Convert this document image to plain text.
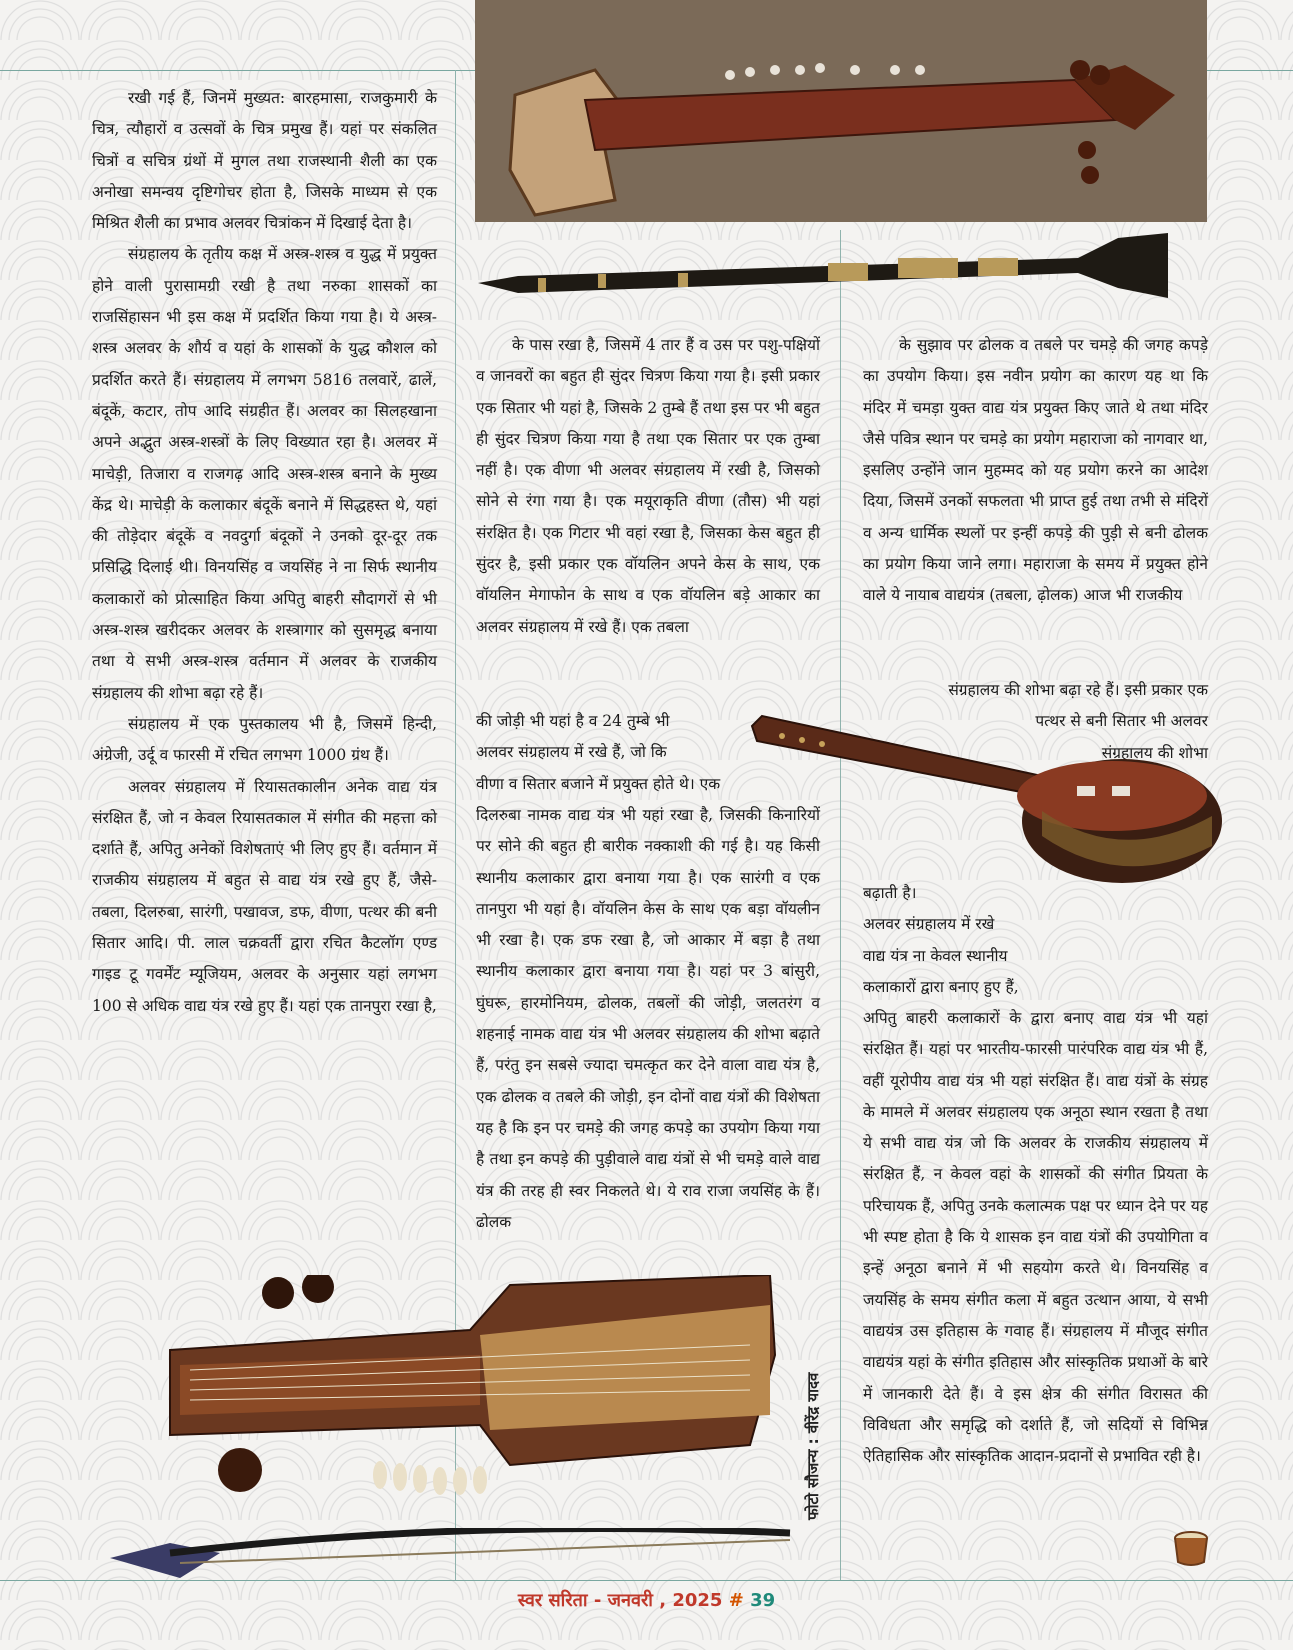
रखी गई हैं, जिनमें मुख्यत: बारहमासा, राजकुमारी के चित्र, त्यौहारों व उत्सवों के चित्र प्रमुख हैं। यहां पर संकलित चित्रों व सचित्र ग्रंथों में मुगल तथा राजस्थानी शैली का एक अनोखा समन्वय दृष्टिगोचर होता है, जिसके माध्यम से एक मिश्रित शैली का प्रभाव अलवर चित्रांकन में दिखाई देता है।

संग्रहालय के तृतीय कक्ष में अस्त्र-शस्त्र व युद्ध में प्रयुक्त होने वाली पुरासामग्री रखी है तथा नरुका शासकों का राजसिंहासन भी इस कक्ष में प्रदर्शित किया गया है। ये अस्त्र-शस्त्र अलवर के शौर्य व यहां के शासकों के युद्ध कौशल को प्रदर्शित करते हैं। संग्रहालय में लगभग 5816 तलवारें, ढालें, बंदूकें, कटार, तोप आदि संग्रहीत हैं। अलवर का सिलहखाना अपने अद्भुत अस्त्र-शस्त्रों के लिए विख्यात रहा है। अलवर में माचेड़ी, तिजारा व राजगढ़ आदि अस्त्र-शस्त्र बनाने के मुख्य केंद्र थे। माचेड़ी के कलाकार बंदूकें बनाने में सिद्धहस्त थे, यहां की तोड़ेदार बंदूकें व नवदुर्गा बंदूकों ने उनको दूर-दूर तक प्रसिद्धि दिलाई थी। विनयसिंह व जयसिंह ने ना सिर्फ स्थानीय कलाकारों को प्रोत्साहित किया अपितु बाहरी सौदागरों से भी अस्त्र-शस्त्र खरीदकर अलवर के शस्त्रागार को सुसमृद्ध बनाया तथा ये सभी अस्त्र-शस्त्र वर्तमान में अलवर के राजकीय संग्रहालय की शोभा बढ़ा रहे हैं।

संग्रहालय में एक पुस्तकालय भी है, जिसमें हिन्दी, अंग्रेजी, उर्दू व फारसी में रचित लगभग 1000 ग्रंथ हैं।

अलवर संग्रहालय में रियासतकालीन अनेक वाद्य यंत्र संरक्षित हैं, जो न केवल रियासतकाल में संगीत की महत्ता को दर्शाते हैं, अपितु अनेकों विशेषताएं भी लिए हुए हैं। वर्तमान में राजकीय संग्रहालय में बहुत से वाद्य यंत्र रखे हुए हैं, जैसे- तबला, दिलरुबा, सारंगी, पखावज, डफ, वीणा, पत्थर की बनी सितार आदि। पी. लाल चक्रवर्ती द्वारा रचित कैटलॉग एण्ड गाइड टू गवर्मेंट म्यूजियम, अलवर के अनुसार यहां लगभग 100 से अधिक वाद्य यंत्र रखे हुए हैं। यहां एक तानपुरा रखा है,

के पास रखा है, जिसमें 4 तार हैं व उस पर पशु-पक्षियों व जानवरों का बहुत ही सुंदर चित्रण किया गया है। इसी प्रकार एक सितार भी यहां है, जिसके 2 तुम्बे हैं तथा इस पर भी बहुत ही सुंदर चित्रण किया गया है तथा एक सितार पर एक तुम्बा नहीं है। एक वीणा भी अलवर संग्रहालय में रखी है, जिसको सोने से रंगा गया है। एक मयूराकृति वीणा (तौस) भी यहां संरक्षित है। एक गिटार भी वहां रखा है, जिसका केस बहुत ही सुंदर है, इसी प्रकार एक वॉयलिन अपने केस के साथ, एक वॉयलिन मेगाफोन के साथ व एक वॉयलिन बड़े आकार का अलवर संग्रहालय में रखे हैं। एक तबला

की जोड़ी भी यहां है व 24 तुम्बे भी

अलवर संग्रहालय में रखे हैं, जो कि

वीणा व सितार बजाने में प्रयुक्त होते थे। एक

दिलरुबा नामक वाद्य यंत्र भी यहां रखा है, जिसकी किनारियों पर सोने की बहुत ही बारीक नक्काशी की गई है। यह किसी स्थानीय कलाकार द्वारा बनाया गया है। एक सारंगी व एक तानपुरा भी यहां है। वॉयलिन केस के साथ एक बड़ा वॉयलीन भी रखा है। एक डफ रखा है, जो आकार में बड़ा है तथा स्थानीय कलाकार द्वारा बनाया गया है। यहां पर 3 बांसुरी, घुंघरू, हारमोनियम, ढोलक, तबलों की जोड़ी, जलतरंग व शहनाई नामक वाद्य यंत्र भी अलवर संग्रहालय की शोभा बढ़ाते हैं, परंतु इन सबसे ज्यादा चमत्कृत कर देने वाला वाद्य यंत्र है, एक ढोलक व तबले की जोड़ी, इन दोनों वाद्य यंत्रों की विशेषता यह है कि इन पर चमड़े की जगह कपड़े का उपयोग किया गया है तथा इन कपड़े की पुड़ीवाले वाद्य यंत्रों से भी चमड़े वाले वाद्य यंत्र की तरह ही स्वर निकलते थे। ये राव राजा जयसिंह के हैं। ढोलक

के सुझाव पर ढोलक व तबले पर चमड़े की जगह कपड़े का उपयोग किया। इस नवीन प्रयोग का कारण यह था कि मंदिर में चमड़ा युक्त वाद्य यंत्र प्रयुक्त किए जाते थे तथा मंदिर जैसे पवित्र स्थान पर चमड़े का प्रयोग महाराजा को नागवार था, इसलिए उन्होंने जान मुहम्मद को यह प्रयोग करने का आदेश दिया, जिसमें उनकों सफलता भी प्राप्त हुई तथा तभी से मंदिरों व अन्य धार्मिक स्थलों पर इन्हीं कपड़े की पुड़ी से बनी ढोलक का प्रयोग किया जाने लगा। महाराजा के समय में प्रयुक्त होने वाले ये नायाब वाद्ययंत्र (तबला, ढ़ोलक) आज भी राजकीय

संग्रहालय की शोभा बढ़ा रहे हैं। इसी प्रकार एक

पत्थर से बनी सितार भी अलवर

संग्रहालय की शोभा

बढ़ाती है।

अलवर संग्रहालय में रखे

वाद्य यंत्र ना केवल स्थानीय

कलाकारों द्वारा बनाए हुए हैं,

अपितु बाहरी कलाकारों के द्वारा बनाए वाद्य यंत्र भी यहां संरक्षित हैं। यहां पर भारतीय-फारसी पारंपरिक वाद्य यंत्र भी हैं, वहीं यूरोपीय वाद्य यंत्र भी यहां संरक्षित हैं। वाद्य यंत्रों के संग्रह के मामले में अलवर संग्रहालय एक अनूठा स्थान रखता है तथा ये सभी वाद्य यंत्र जो कि अलवर के राजकीय संग्रहालय में संरक्षित हैं, न केवल वहां के शासकों की संगीत प्रियता के परिचायक हैं, अपितु उनके कलात्मक पक्ष पर ध्यान देने पर यह भी स्पष्ट होता है कि ये शासक इन वाद्य यंत्रों की उपयोगिता व इन्हें अनूठा बनाने में भी सहयोग करते थे। विनयसिंह व जयसिंह के समय संगीत कला में बहुत उत्थान आया, ये सभी वाद्ययंत्र उस इतिहास के गवाह हैं। संग्रहालय में मौजूद संगीत वाद्ययंत्र यहां के संगीत इतिहास और सांस्कृतिक प्रथाओं के बारे में जानकारी देते हैं। वे इस क्षेत्र की संगीत विरासत की विविधता और समृद्धि को दर्शाते हैं, जो सदियों से विभिन्न ऐतिहासिक और सांस्कृतिक आदान-प्रदानों से प्रभावित रही है।

फोटो सौजन्य : वीरेंद्र यादव
स्वर सरिता - जनवरी , 2025 # 39
